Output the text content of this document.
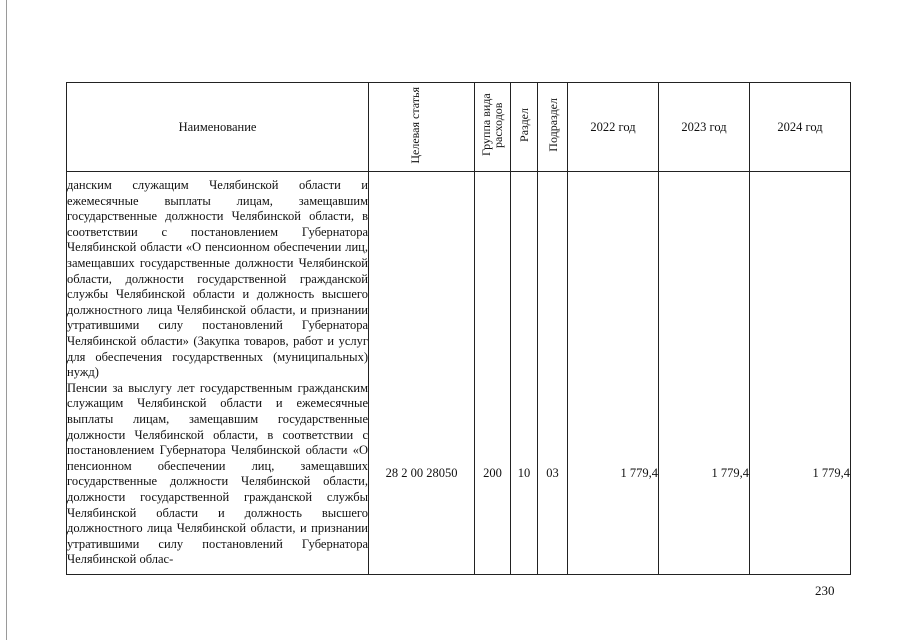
Наименование	Целевая статья	Группа вида расходов	Раздел	Подраздел	2022 год	2023 год	2024 год

данским служащим Челябинской области и ежемесячные выплаты лицам, замещавшим государственные должности Челябинской области, в соответствии с постановлением Губернатора Челябинской области «О пенсионном обеспечении лиц, замещавших государственные должности Челябинской области, должности государственной гражданской службы Челябинской области и должность высшего должностного лица Челябинской области, и признании утратившими силу постановлений Губернатора Челябинской области» (Закупка товаров, работ и услуг для обеспечения государственных (муниципальных) нужд)

Пенсии за выслугу лет государственным гражданским служащим Челябинской области и ежемесячные выплаты лицам, замещавшим государственные должности Челябинской области, в соответствии с постановлением Губернатора Челябинской области «О пенсионном обеспечении лиц, замещавших государственные должности Челябинской области, должности государственной гражданской службы Челябинской области и должность высшего должностного лица Челябинской области, и признании утратившими силу постановлений Губернатора Челябинской облас-	28 2 00 28050	200	10	03	1 779,4	1 779,4	1 779,4
230
